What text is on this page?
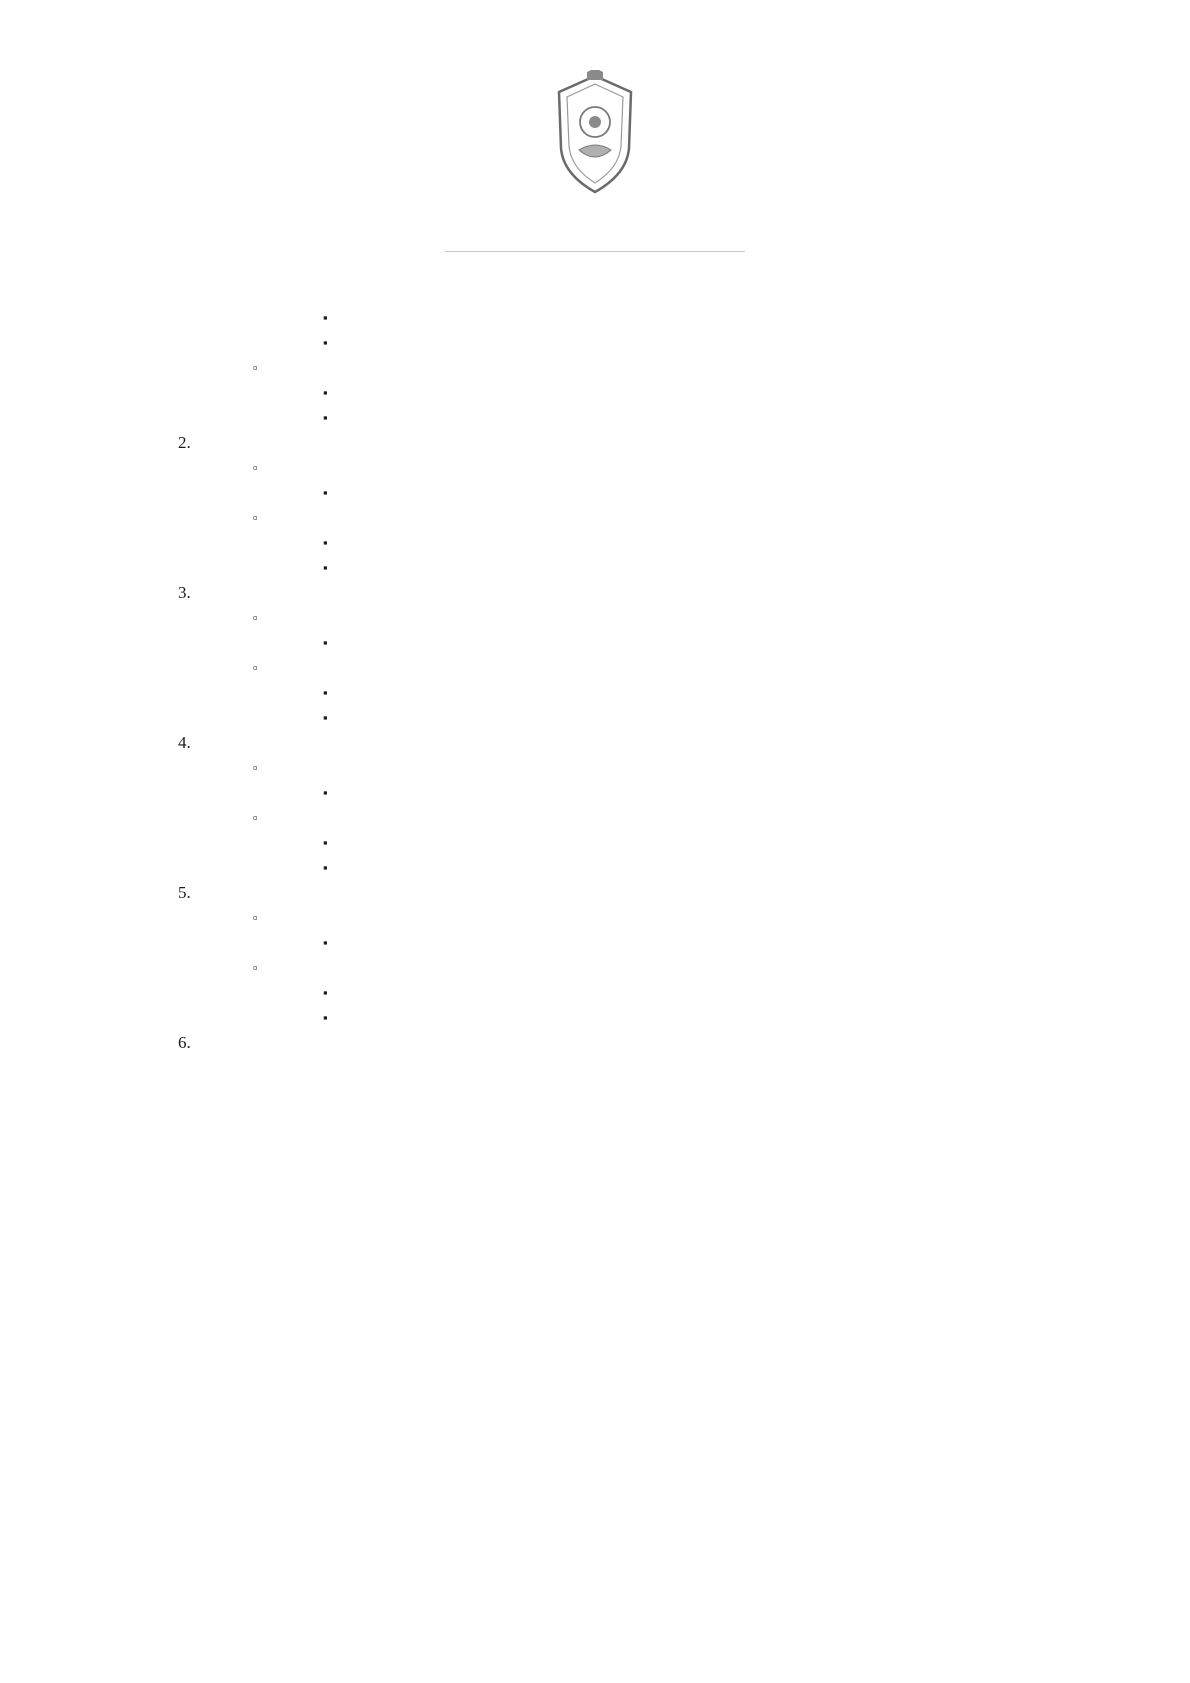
▪
▪
▫
▪
▪
2.
▫
▪
▫
▪
▪
3.
▫
▪
▫
▪
▪
4.
▫
▪
▫
▪
▪
5.
▫
▪
▫
▪
▪
6.
